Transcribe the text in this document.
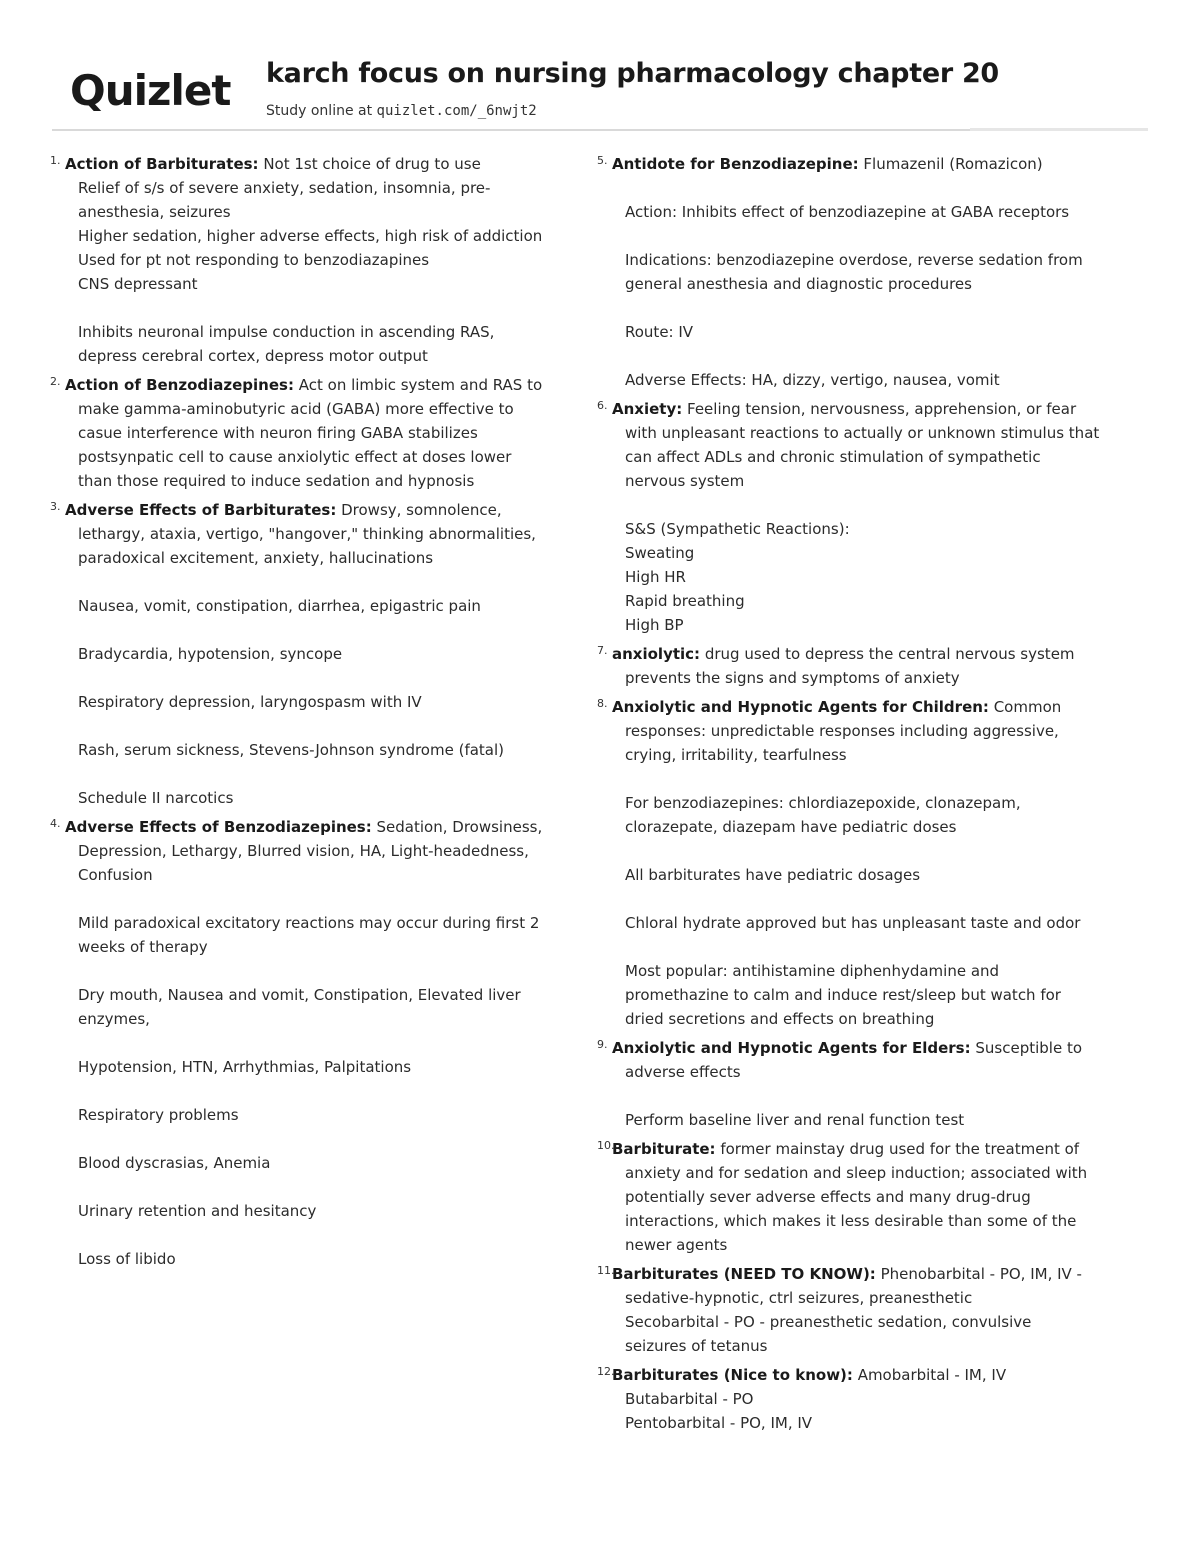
Quizlet karch focus on nursing pharmacology chapter 20
Study online at quizlet.com/_6nwjt2
1. Action of Barbiturates: Not 1st choice of drug to use
Relief of s/s of severe anxiety, sedation, insomnia, pre-
anesthesia, seizures
Higher sedation, higher adverse effects, high risk of addiction
Used for pt not responding to benzodiazapines
CNS depressant

Inhibits neuronal impulse conduction in ascending RAS,
depress cerebral cortex, depress motor output
2. Action of Benzodiazepines: Act on limbic system and RAS to
make gamma-aminobutyric acid (GABA) more effective to
casue interference with neuron firing GABA stabilizes
postsynpatic cell to cause anxiolytic effect at doses lower
than those required to induce sedation and hypnosis
3. Adverse Effects of Barbiturates: Drowsy, somnolence,
lethargy, ataxia, vertigo, "hangover," thinking abnormalities,
paradoxical excitement, anxiety, hallucinations

Nausea, vomit, constipation, diarrhea, epigastric pain

Bradycardia, hypotension, syncope

Respiratory depression, laryngospasm with IV

Rash, serum sickness, Stevens-Johnson syndrome (fatal)

Schedule II narcotics
4. Adverse Effects of Benzodiazepines: Sedation, Drowsiness,
Depression, Lethargy, Blurred vision, HA, Light-headedness,
Confusion

Mild paradoxical excitatory reactions may occur during first 2
weeks of therapy

Dry mouth, Nausea and vomit, Constipation, Elevated liver
enzymes,

Hypotension, HTN, Arrhythmias, Palpitations

Respiratory problems

Blood dyscrasias, Anemia

Urinary retention and hesitancy

Loss of libido
5. Antidote for Benzodiazepine: Flumazenil (Romazicon)

Action: Inhibits effect of benzodiazepine at GABA receptors

Indications: benzodiazepine overdose, reverse sedation from
general anesthesia and diagnostic procedures

Route: IV

Adverse Effects: HA, dizzy, vertigo, nausea, vomit
6. Anxiety: Feeling tension, nervousness, apprehension, or fear
with unpleasant reactions to actually or unknown stimulus that
can affect ADLs and chronic stimulation of sympathetic
nervous system

S&S (Sympathetic Reactions):
Sweating
High HR
Rapid breathing
High BP
7. anxiolytic: drug used to depress the central nervous system
prevents the signs and symptoms of anxiety
8. Anxiolytic and Hypnotic Agents for Children: Common
responses: unpredictable responses including aggressive,
crying, irritability, tearfulness

For benzodiazepines: chlordiazepoxide, clonazepam,
clorazepate, diazepam have pediatric doses

All barbiturates have pediatric dosages

Chloral hydrate approved but has unpleasant taste and odor

Most popular: antihistamine diphenhydamine and
promethazine to calm and induce rest/sleep but watch for
dried secretions and effects on breathing
9. Anxiolytic and Hypnotic Agents for Elders: Susceptible to
adverse effects

Perform baseline liver and renal function test
10.
Barbiturate: former mainstay drug used for the treatment of
anxiety and for sedation and sleep induction; associated with
potentially sever adverse effects and many drug-drug
interactions, which makes it less desirable than some of the
newer agents
11.
Barbiturates (NEED TO KNOW): Phenobarbital - PO, IM, IV -
sedative-hypnotic, ctrl seizures, preanesthetic
Secobarbital - PO - preanesthetic sedation, convulsive
seizures of tetanus
12.
Barbiturates (Nice to know): Amobarbital - IM, IV
Butabarbital - PO
Pentobarbital - PO, IM, IV
